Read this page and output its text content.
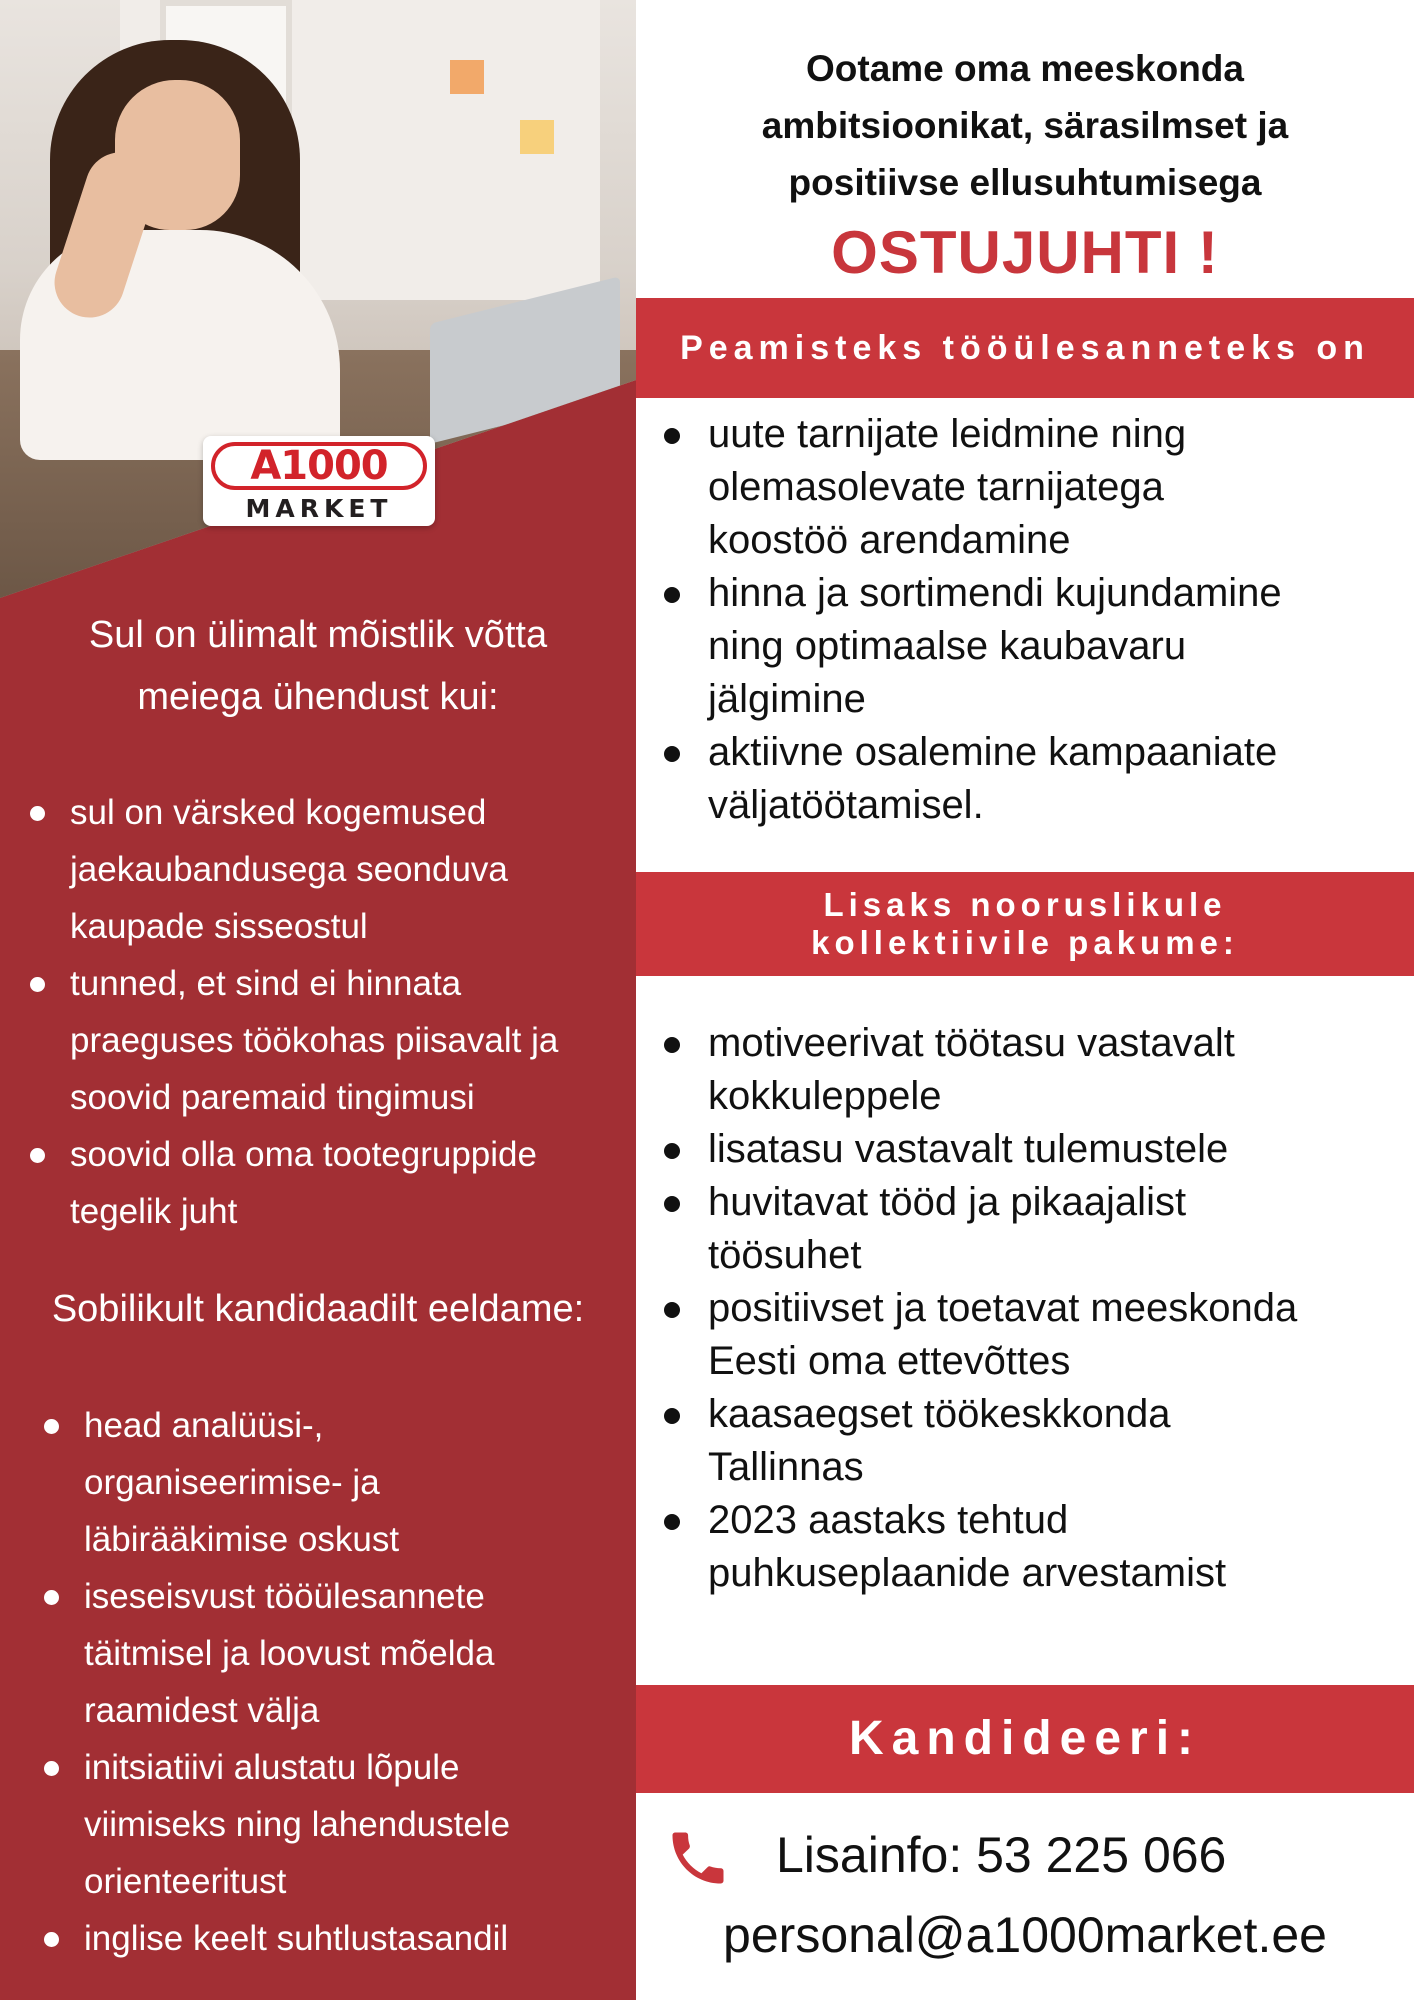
A1000
MARKET
Sul on ülimalt mõistlik võtta
meiega ühendust kui:
sul on värsked kogemused
jaekaubandusega seonduva
kaupade sisseostul
tunned, et sind ei hinnata
praeguses töökohas piisavalt ja
soovid paremaid tingimusi
soovid olla oma tootegruppide
tegelik juht
Sobilikult kandidaadilt eeldame:
head analüüsi-,
organiseerimise- ja
läbirääkimise oskust
iseseisvust tööülesannete
täitmisel ja loovust mõelda
raamidest välja
initsiatiivi alustatu lõpule
viimiseks ning lahendustele
orienteeritust
inglise keelt suhtlustasandil
Ootame oma meeskonda
ambitsioonikat, särasilmset ja
positiivse ellusuhtumisega
OSTUJUHTI !
Peamisteks tööülesanneteks on
uute tarnijate leidmine ning
olemasolevate tarnijatega
koostöö arendamine
hinna ja sortimendi kujundamine
ning optimaalse kaubavaru
jälgimine
aktiivne osalemine kampaaniate
väljatöötamisel.
Lisaks nooruslikule
kollektiivile pakume:
motiveerivat töötasu vastavalt
kokkuleppele
lisatasu vastavalt tulemustele
huvitavat tööd ja pikaajalist
töösuhet
positiivset ja toetavat meeskonda
Eesti oma ettevõttes
kaasaegset töökeskkonda
Tallinnas
2023 aastaks tehtud
puhkuseplaanide arvestamist
Kandideeri:
Lisainfo: 53 225 066
personal@a1000market.ee
